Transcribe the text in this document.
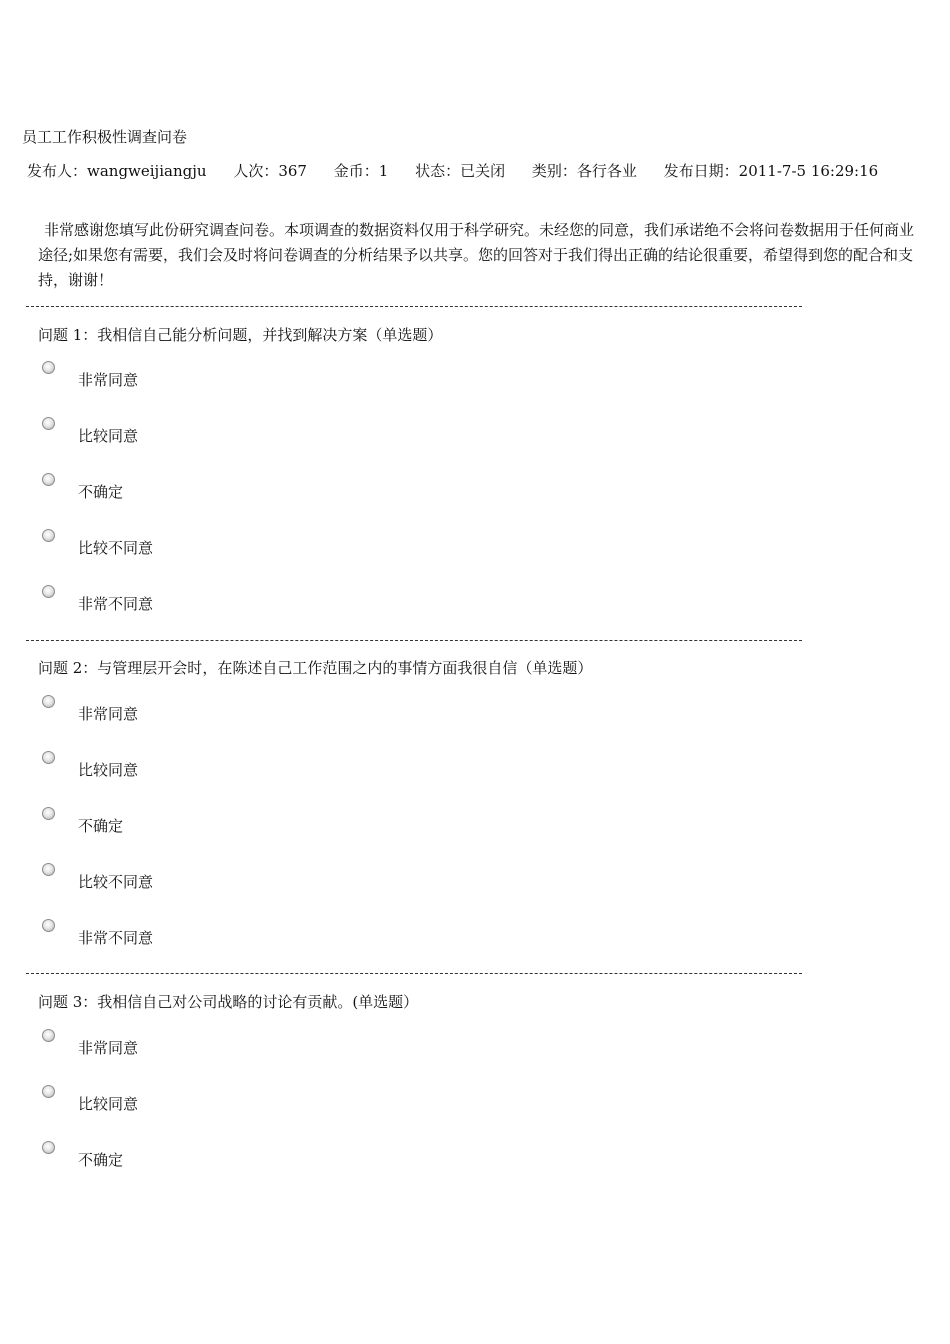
员工工作积极性调查问卷
发布人：wangweijiangju 人次：367 金币：1 状态：已关闭 类别：各行各业 发布日期：2011-7-5 16:29:16
非常感谢您填写此份研究调查问卷。本项调查的数据资料仅用于科学研究。未经您的同意，我们承诺绝不会将问卷数据用于任何商业途径;如果您有需要，我们会及时将问卷调查的分析结果予以共享。您的回答对于我们得出正确的结论很重要，希望得到您的配合和支持，谢谢！
问题 1：我相信自己能分析问题，并找到解决方案（单选题）
非常同意
比较同意
不确定
比较不同意
非常不同意
问题 2：与管理层开会时，在陈述自己工作范围之内的事情方面我很自信（单选题）
非常同意
比较同意
不确定
比较不同意
非常不同意
问题 3：我相信自己对公司战略的讨论有贡献。(单选题）
非常同意
比较同意
不确定
